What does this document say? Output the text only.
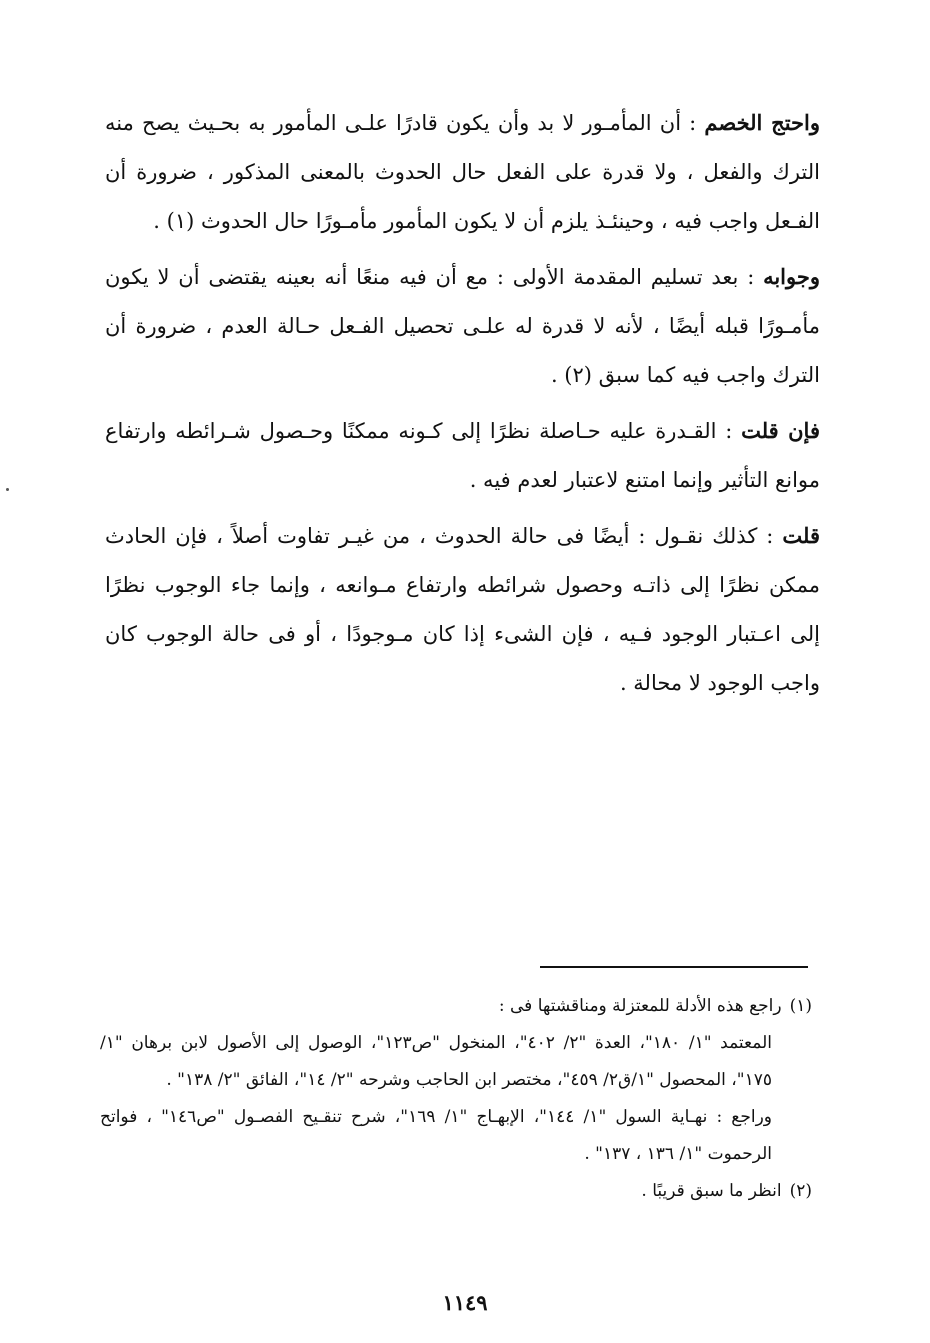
واحتج الخصم : أن المأمـور لا بد وأن يكون قادرًا علـى المأمور به بحـيث يصح منه الترك والفعل ، ولا قدرة على الفعل حال الحدوث بالمعنى المذكور ، ضرورة أن الفـعل واجب فيه ، وحينئـذ يلزم أن لا يكون المأمور مأمـورًا حال الحدوث (١) .

وجوابه : بعد تسليم المقدمة الأولى : مع أن فيه منعًا أنه بعينه يقتضى أن لا يكون مأمـورًا قبله أيضًا ، لأنه لا قدرة له علـى تحصيل الفـعل حـالة العدم ، ضرورة أن الترك واجب فيه كما سبق (٢) .

فإن قلت : القـدرة عليه حـاصلة نظرًا إلى كـونه ممكنًا وحـصول شـرائطه وارتفاع موانع التأثير وإنما امتنع لاعتبار لعدم فيه .

قلت : كذلك نقـول : أيضًا فى حالة الحدوث ، من غيـر تفاوت أصلاً ، فإن الحادث ممكن نظرًا إلى ذاتـه وحصول شرائطه وارتفاع مـوانعه ، وإنما جاء الوجوب نظرًا إلى اعـتبار الوجود فـيه ، فإن الشىء إذا كان مـوجودًا ، أو فى حالة الوجوب كان واجب الوجود لا محالة .

(١)راجع هذه الأدلة للمعتزلة ومناقشتها فى :

المعتمد "١/ ١٨٠"، العدة "٢/ ٤٠٢"، المنخول "ص١٢٣"، الوصول إلى الأصول لابن برهان "١/ ١٧٥"، المحصول "١/ق٢/ ٤٥٩"، مختصر ابن الحاجب وشرحه "٢/ ١٤"، الفائق "٢/ ١٣٨" .

وراجع : نهـاية السول "١/ ١٤٤"، الإبهـاج "١/ ١٦٩"، شرح تنقـيح الفصـول "ص١٤٦" ، فواتح الرحموت "١/ ١٣٦ ، ١٣٧" .

(٢)انظر ما سبق قريبًا .

١١٤٩
